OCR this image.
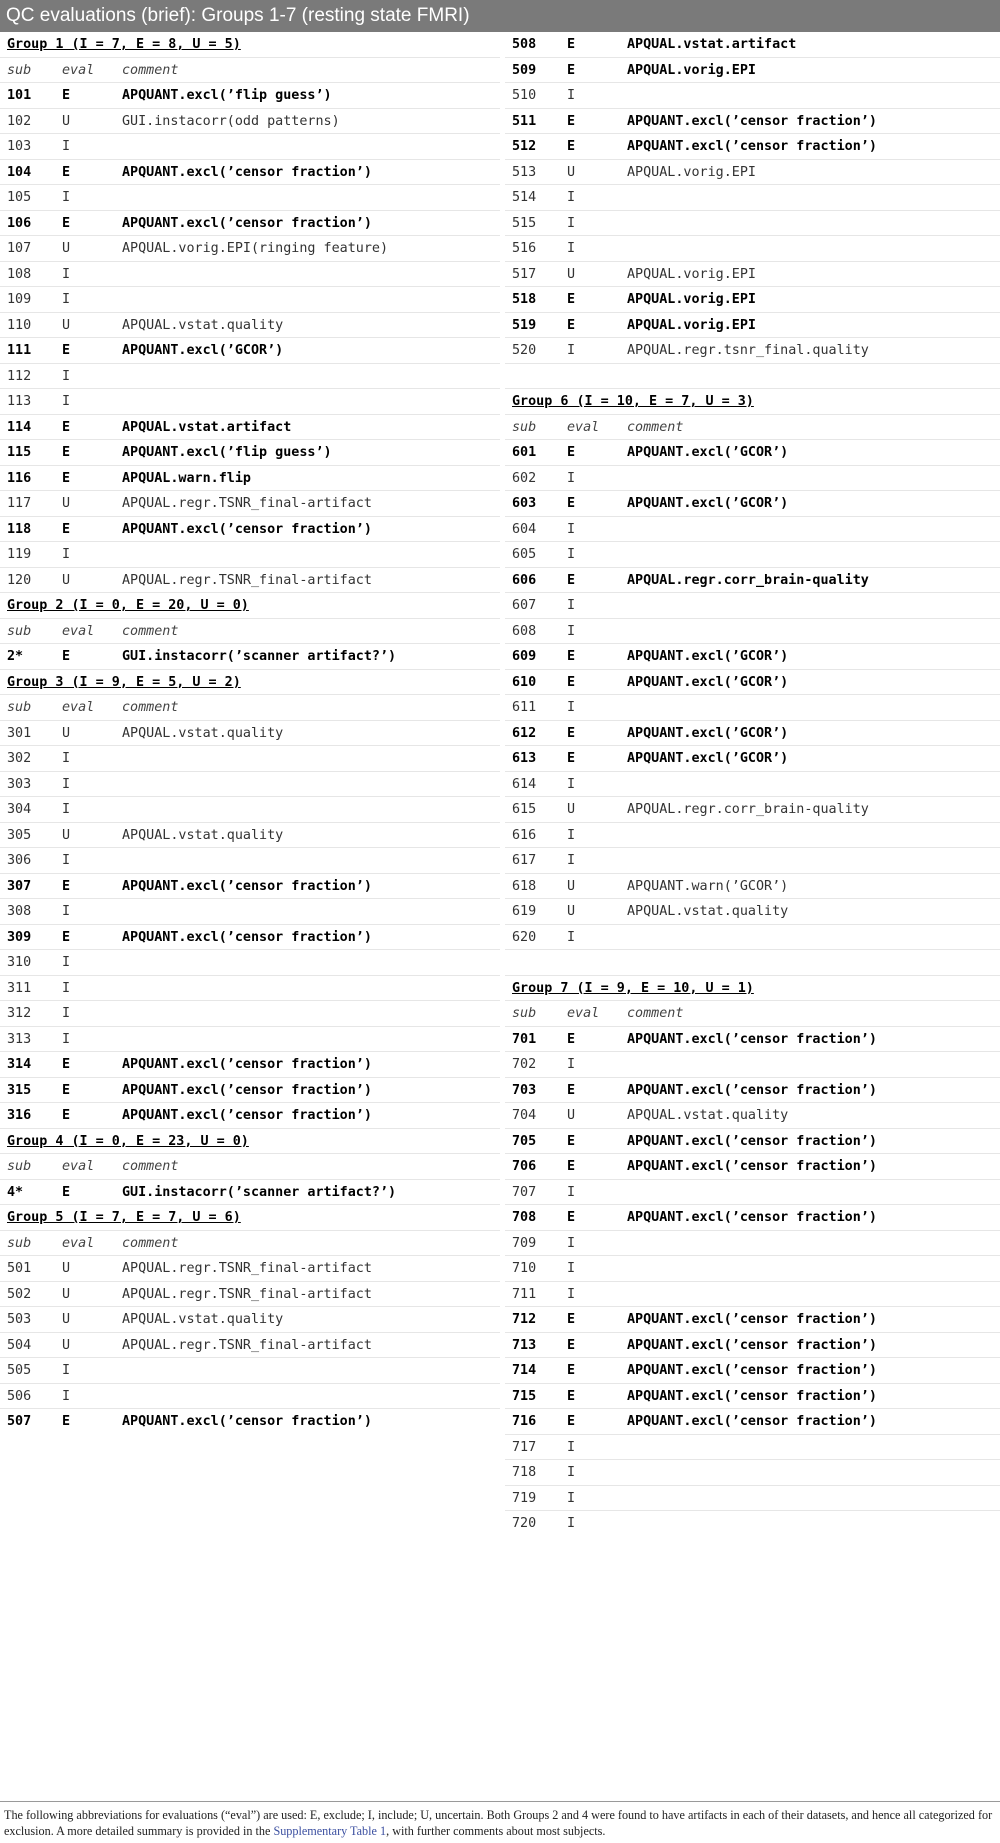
QC evaluations (brief): Groups 1-7 (resting state FMRI)
Group 1 (I = 7, E = 8, U = 5)
sub eval comment
101 E	APQUANT.excl(’flip guess’)
102 U	GUI.instacorr(odd patterns)
103 I
104 E	APQUANT.excl(’censor fraction’)
105 I
106 E	APQUANT.excl(’censor fraction’)
107 U	APQUAL.vorig.EPI(ringing feature)
108 I
109 I
110 U	APQUAL.vstat.quality
111 E	APQUANT.excl(’GCOR’)
112 I
113 I
114 E	APQUAL.vstat.artifact
115 E	APQUANT.excl(’flip guess’)
116 E	APQUAL.warn.flip
117 U	APQUAL.regr.TSNR_final-artifact
118 E	APQUANT.excl(’censor fraction’)
119 I
120 U	APQUAL.regr.TSNR_final-artifact
Group 2 (I = 0, E = 20, U = 0)
sub eval comment
2*	E	GUI.instacorr(’scanner artifact?’)
Group 3 (I = 9, E = 5, U = 2)
sub eval comment
301 U	APQUAL.vstat.quality
302 I
303 I
304 I
305 U	APQUAL.vstat.quality
306 I
307 E	APQUANT.excl(’censor fraction’)
308 I
309 E	APQUANT.excl(’censor fraction’)
310 I
311 I
312 I
313 I
314 E	APQUANT.excl(’censor fraction’)
315 E	APQUANT.excl(’censor fraction’)
316 E	APQUANT.excl(’censor fraction’)
Group 4 (I = 0, E = 23, U = 0)
sub eval comment
4*	E	GUI.instacorr(’scanner artifact?’)
Group 5 (I = 7, E = 7, U = 6)
sub eval comment
501 U	APQUAL.regr.TSNR_final-artifact
502 U	APQUAL.regr.TSNR_final-artifact
503 U	APQUAL.vstat.quality
504 U	APQUAL.regr.TSNR_final-artifact
505 I
506 I
507 E	APQUANT.excl(’censor fraction’)
508 E	APQUAL.vstat.artifact
509 E	APQUAL.vorig.EPI
510 I
511 E	APQUANT.excl(’censor fraction’)
512 E	APQUANT.excl(’censor fraction’)
513 U	APQUAL.vorig.EPI
514 I
515 I
516 I
517 U	APQUAL.vorig.EPI
518 E	APQUAL.vorig.EPI
519 E	APQUAL.vorig.EPI
520 I	APQUAL.regr.tsnr_final.quality
Group 6 (I = 10, E = 7, U = 3)
sub eval comment
601 E	APQUANT.excl(’GCOR’)
602 I
603 E	APQUANT.excl(’GCOR’)
604 I
605 I
606 E	APQUAL.regr.corr_brain-quality
607 I
608 I
609 E	APQUANT.excl(’GCOR’)
610 E	APQUANT.excl(’GCOR’)
611 I
612 E	APQUANT.excl(’GCOR’)
613 E	APQUANT.excl(’GCOR’)
614 I
615 U	APQUAL.regr.corr_brain-quality
616 I
617 I
618 U	APQUANT.warn(’GCOR’)
619 U	APQUAL.vstat.quality
620 I
Group 7 (I = 9, E = 10, U = 1)
sub eval comment
701 E	APQUANT.excl(’censor fraction’)
702 I
703 E	APQUANT.excl(’censor fraction’)
704 U	APQUAL.vstat.quality
705 E	APQUANT.excl(’censor fraction’)
706 E	APQUANT.excl(’censor fraction’)
707 I
708 E	APQUANT.excl(’censor fraction’)
709 I
710 I
711 I
712 E	APQUANT.excl(’censor fraction’)
713 E	APQUANT.excl(’censor fraction’)
714 E	APQUANT.excl(’censor fraction’)
715 E	APQUANT.excl(’censor fraction’)
716 E	APQUANT.excl(’censor fraction’)
717 I
718 I
719 I
720 I
The following abbreviations for evaluations (“eval”) are used: E, exclude; I, include; U, uncertain. Both Groups 2 and 4 were found to have artifacts in each of their datasets, and hence all categorized for exclusion. A more detailed summary is provided in the Supplementary Table 1, with further comments about most subjects.
